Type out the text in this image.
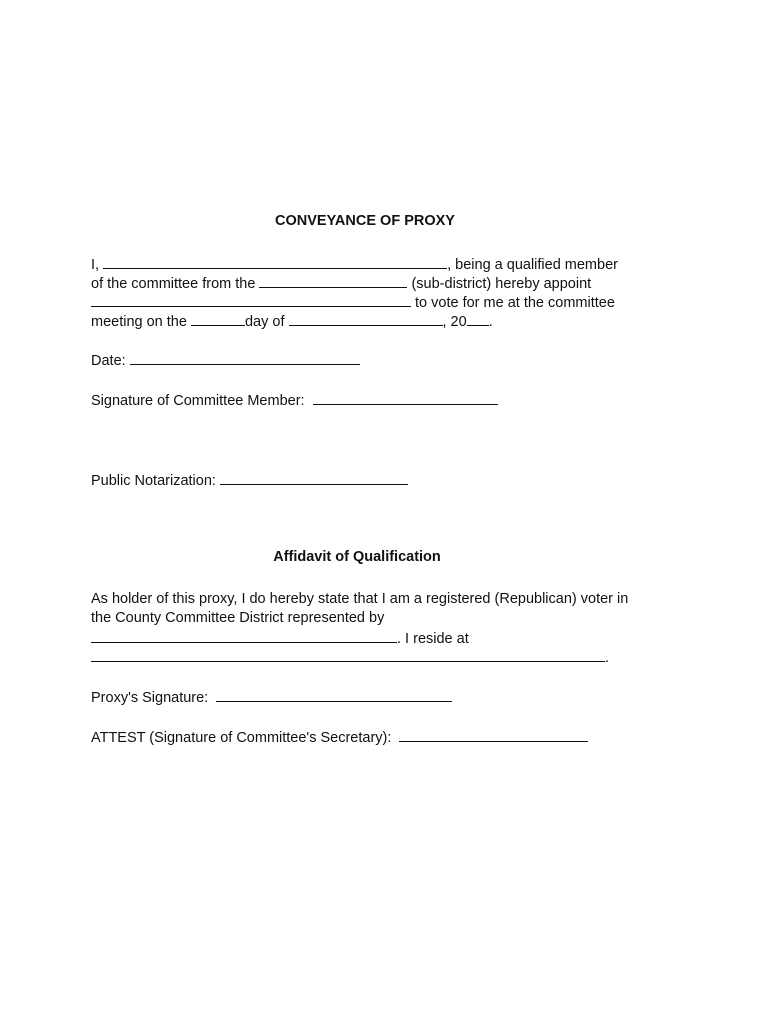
CONVEYANCE OF PROXY
I,	, being a qualified member
of the committee from the	(sub-district) hereby appoint
to vote for me at the committee
meeting on the	day of	, 20 .
Date:
Signature of Committee Member:
Public Notarization:
Affidavit of Qualification
As holder of this proxy, I do hereby state that I am a registered (Republican) voter in
the County Committee District represented by
. I reside at
.
Proxy's Signature:
ATTEST (Signature of Committee's Secretary):
